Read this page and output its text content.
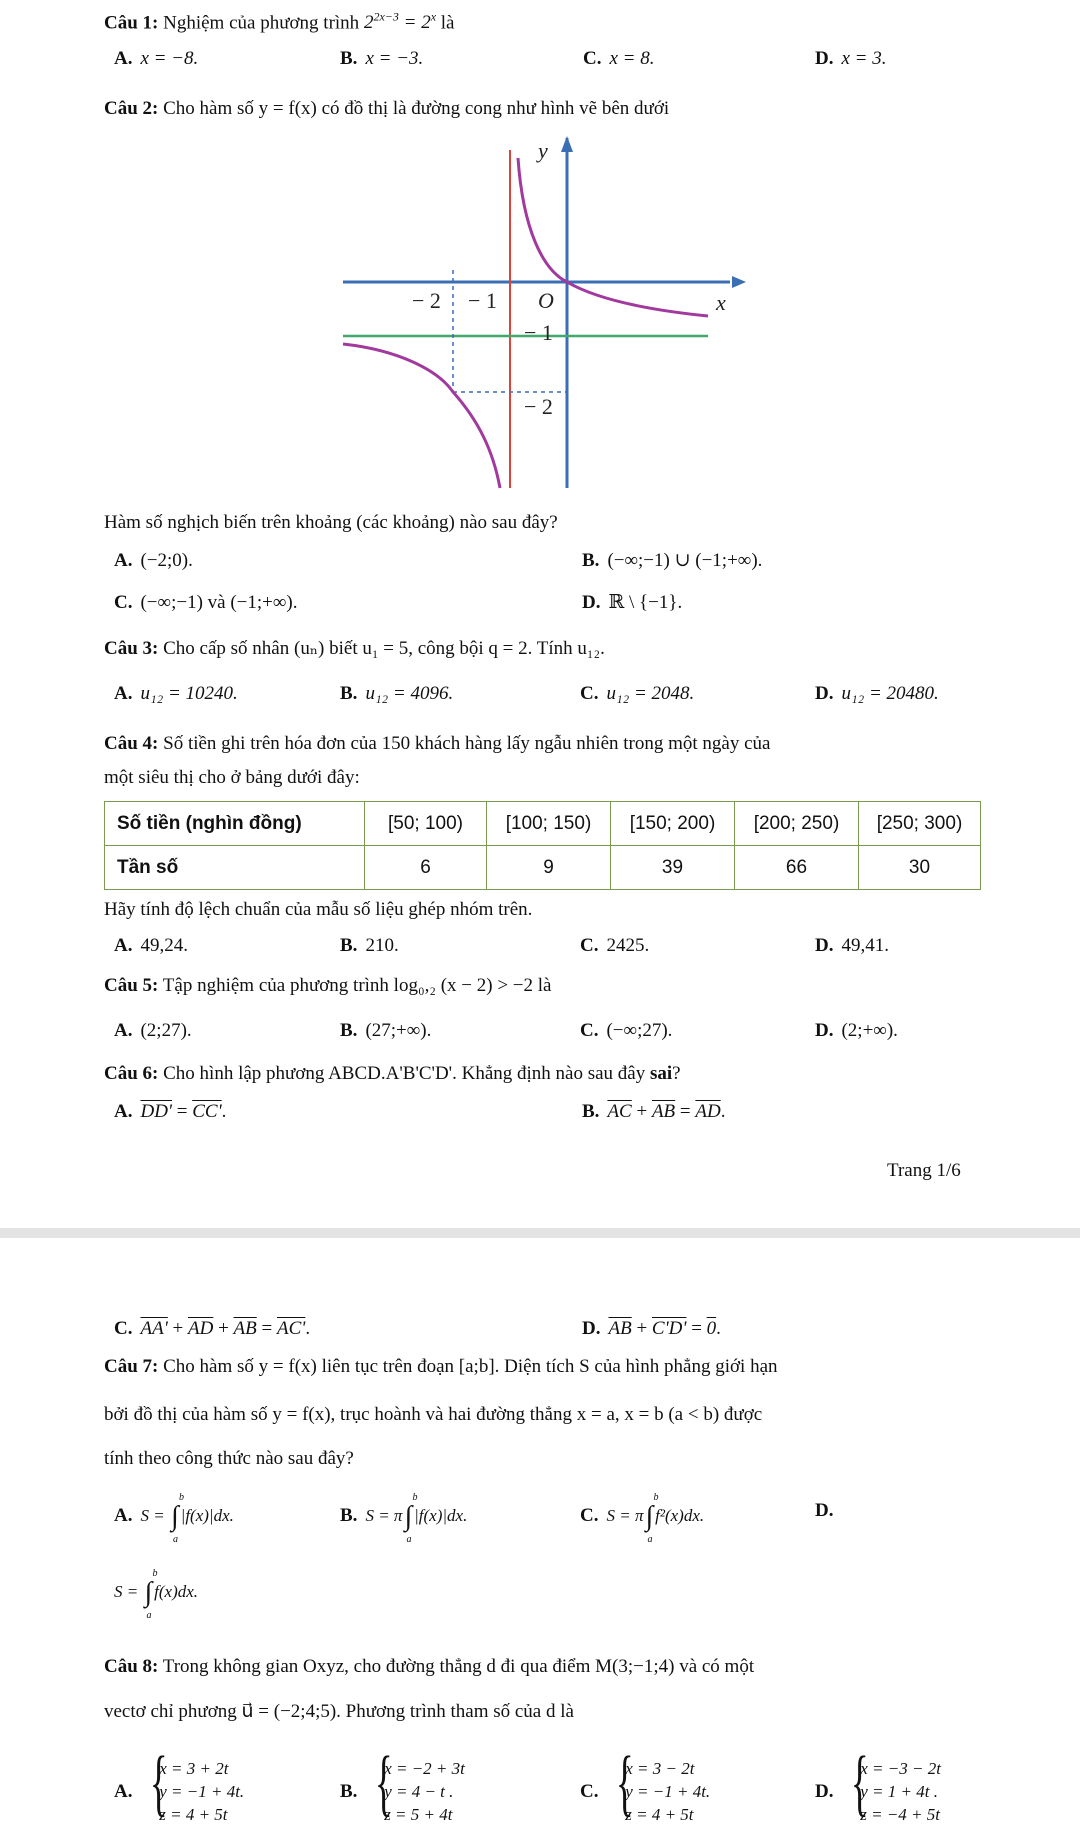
Câu 1: Nghiệm của phương trình $2^{2x-3} = 2^x$ là
A. x = −8.	B. x = −3.	C. x = 8.	D. x = 3.
Câu 2: Cho hàm số y = f(x) có đồ thị là đường cong như hình vẽ bên dưới
y
x
O
− 2 − 1
− 1
− 2
Hàm số nghịch biến trên khoảng (các khoảng) nào sau đây?
A. (−2;0).	B. (−∞;−1) ∪ (−1;+∞).
C. (−∞;−1) và (−1;+∞).	D. ℝ \ {−1}.
Câu 3: Cho cấp số nhân (uₙ) biết u₁ = 5, công bội q = 2. Tính u₁₂.
A. u₁₂ = 10240.	B. u₁₂ = 4096.	C. u₁₂ = 2048.	D. u₁₂ = 20480.
Câu 4: Số tiền ghi trên hóa đơn của 150 khách hàng lấy ngẫu nhiên trong một ngày của
một siêu thị cho ở bảng dưới đây:
Số tiền (nghìn đồng)	[50; 100)	[100; 150)	[150; 200)	[200; 250)	[250; 300)
Tần số	6	9	39	66	30
Hãy tính độ lệch chuẩn của mẫu số liệu ghép nhóm trên.
A. 49,24.	B. 210.	C. 2425.	D. 49,41.
Câu 5: Tập nghiệm của phương trình log₀,₂ (x − 2) > −2 là
A. (2;27).	B. (27;+∞).	C. (−∞;27).	D. (2;+∞).
Câu 6: Cho hình lập phương ABCD.A'B'C'D'. Khẳng định nào sau đây sai?
A. DD' = CC'.	B. $\overline{AC} + \overline{AB} = \overline{AD}$.
Trang 1/6
C. $AA' + \overline{AD} + \overline{AB} = AC'$.	D. $\overline{AB} + C'D' = 0$.
Câu 7: Cho hàm số y = f(x) liên tục trên đoạn [a;b]. Diện tích S của hình phẳng giới hạn
bởi đồ thị của hàm số y = f(x), trục hoành và hai đường thẳng x = a, x = b (a < b) được
tính theo công thức nào sau đây?
A. S = ∫
b
a
|f(x)|dx.	B. S = π∫
b
a
|f(x)|dx.	C. S = π∫
b
a
f²(x)dx.	D.
S = ∫
b
a
f(x)dx.
Câu 8: Trong không gian Oxyz, cho đường thẳng d đi qua điểm M(3;−1;4) và có một
vectơ chỉ phương u⃗ = (−2;4;5). Phương trình tham số của d là
A.
{ x = 3 + 2t
y = −1 + 4t.
z = 4 + 5t
B.
{ x = −2 + 3t
y = 4 − t .
z = 5 + 4t
C.
{ x = 3 − 2t
y = −1 + 4t.
z = 4 + 5t
D.
{ x = −3 − 2t
y = 1 + 4t .
z = −4 + 5t
